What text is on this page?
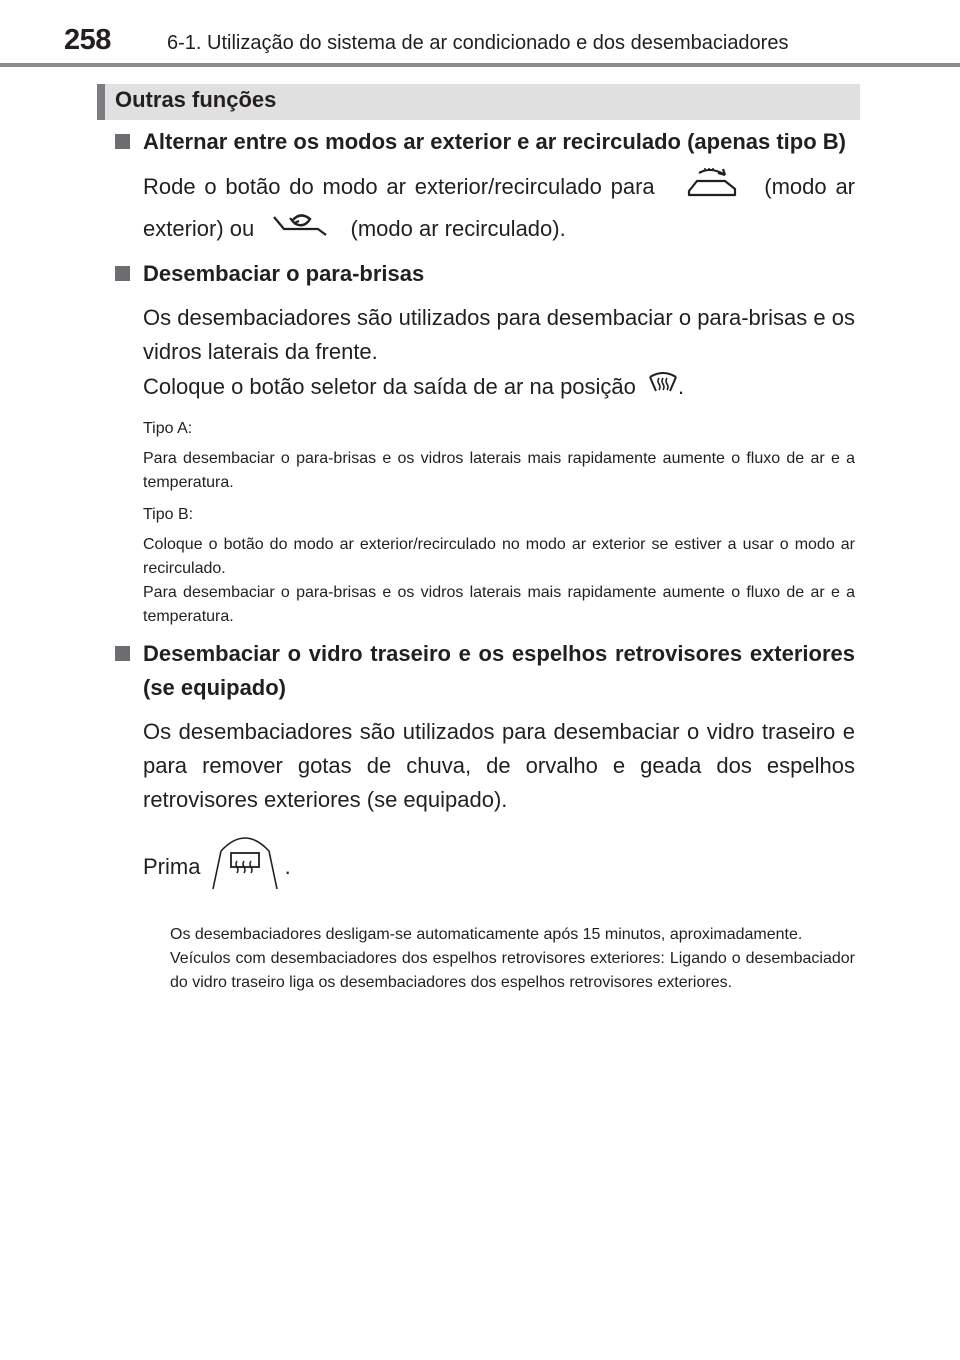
258	6-1. Utilização do sistema de ar condicionado e dos desembaciadores
Outras funções
Alternar entre os modos ar exterior e ar recirculado (apenas tipo B)
Rode o botão do modo ar exterior/recirculado para	(modo ar exterior) ou	(modo ar recirculado).
Desembaciar o para-brisas
Os desembaciadores são utilizados para desembaciar o para-brisas e os vidros laterais da frente.
Coloque o botão seletor da saída de ar na posição .
Tipo A:
Para desembaciar o para-brisas e os vidros laterais mais rapidamente aumente o fluxo de ar e a temperatura.
Tipo B:
Coloque o botão do modo ar exterior/recirculado no modo ar exterior se estiver a usar o modo ar recirculado.
Para desembaciar o para-brisas e os vidros laterais mais rapidamente aumente o fluxo de ar e a temperatura.
Desembaciar o vidro traseiro e os espelhos retrovisores exteriores (se equipado)
Os desembaciadores são utilizados para desembaciar o vidro traseiro e para remover gotas de chuva, de orvalho e geada dos espelhos retrovisores exteriores (se equipado).
Prima	.
Os desembaciadores desligam-se automaticamente após 15 minutos, aproximadamente.
Veículos com desembaciadores dos espelhos retrovisores exteriores: Ligando o desembaciador do vidro traseiro liga os desembaciadores dos espelhos retrovisores exteriores.
